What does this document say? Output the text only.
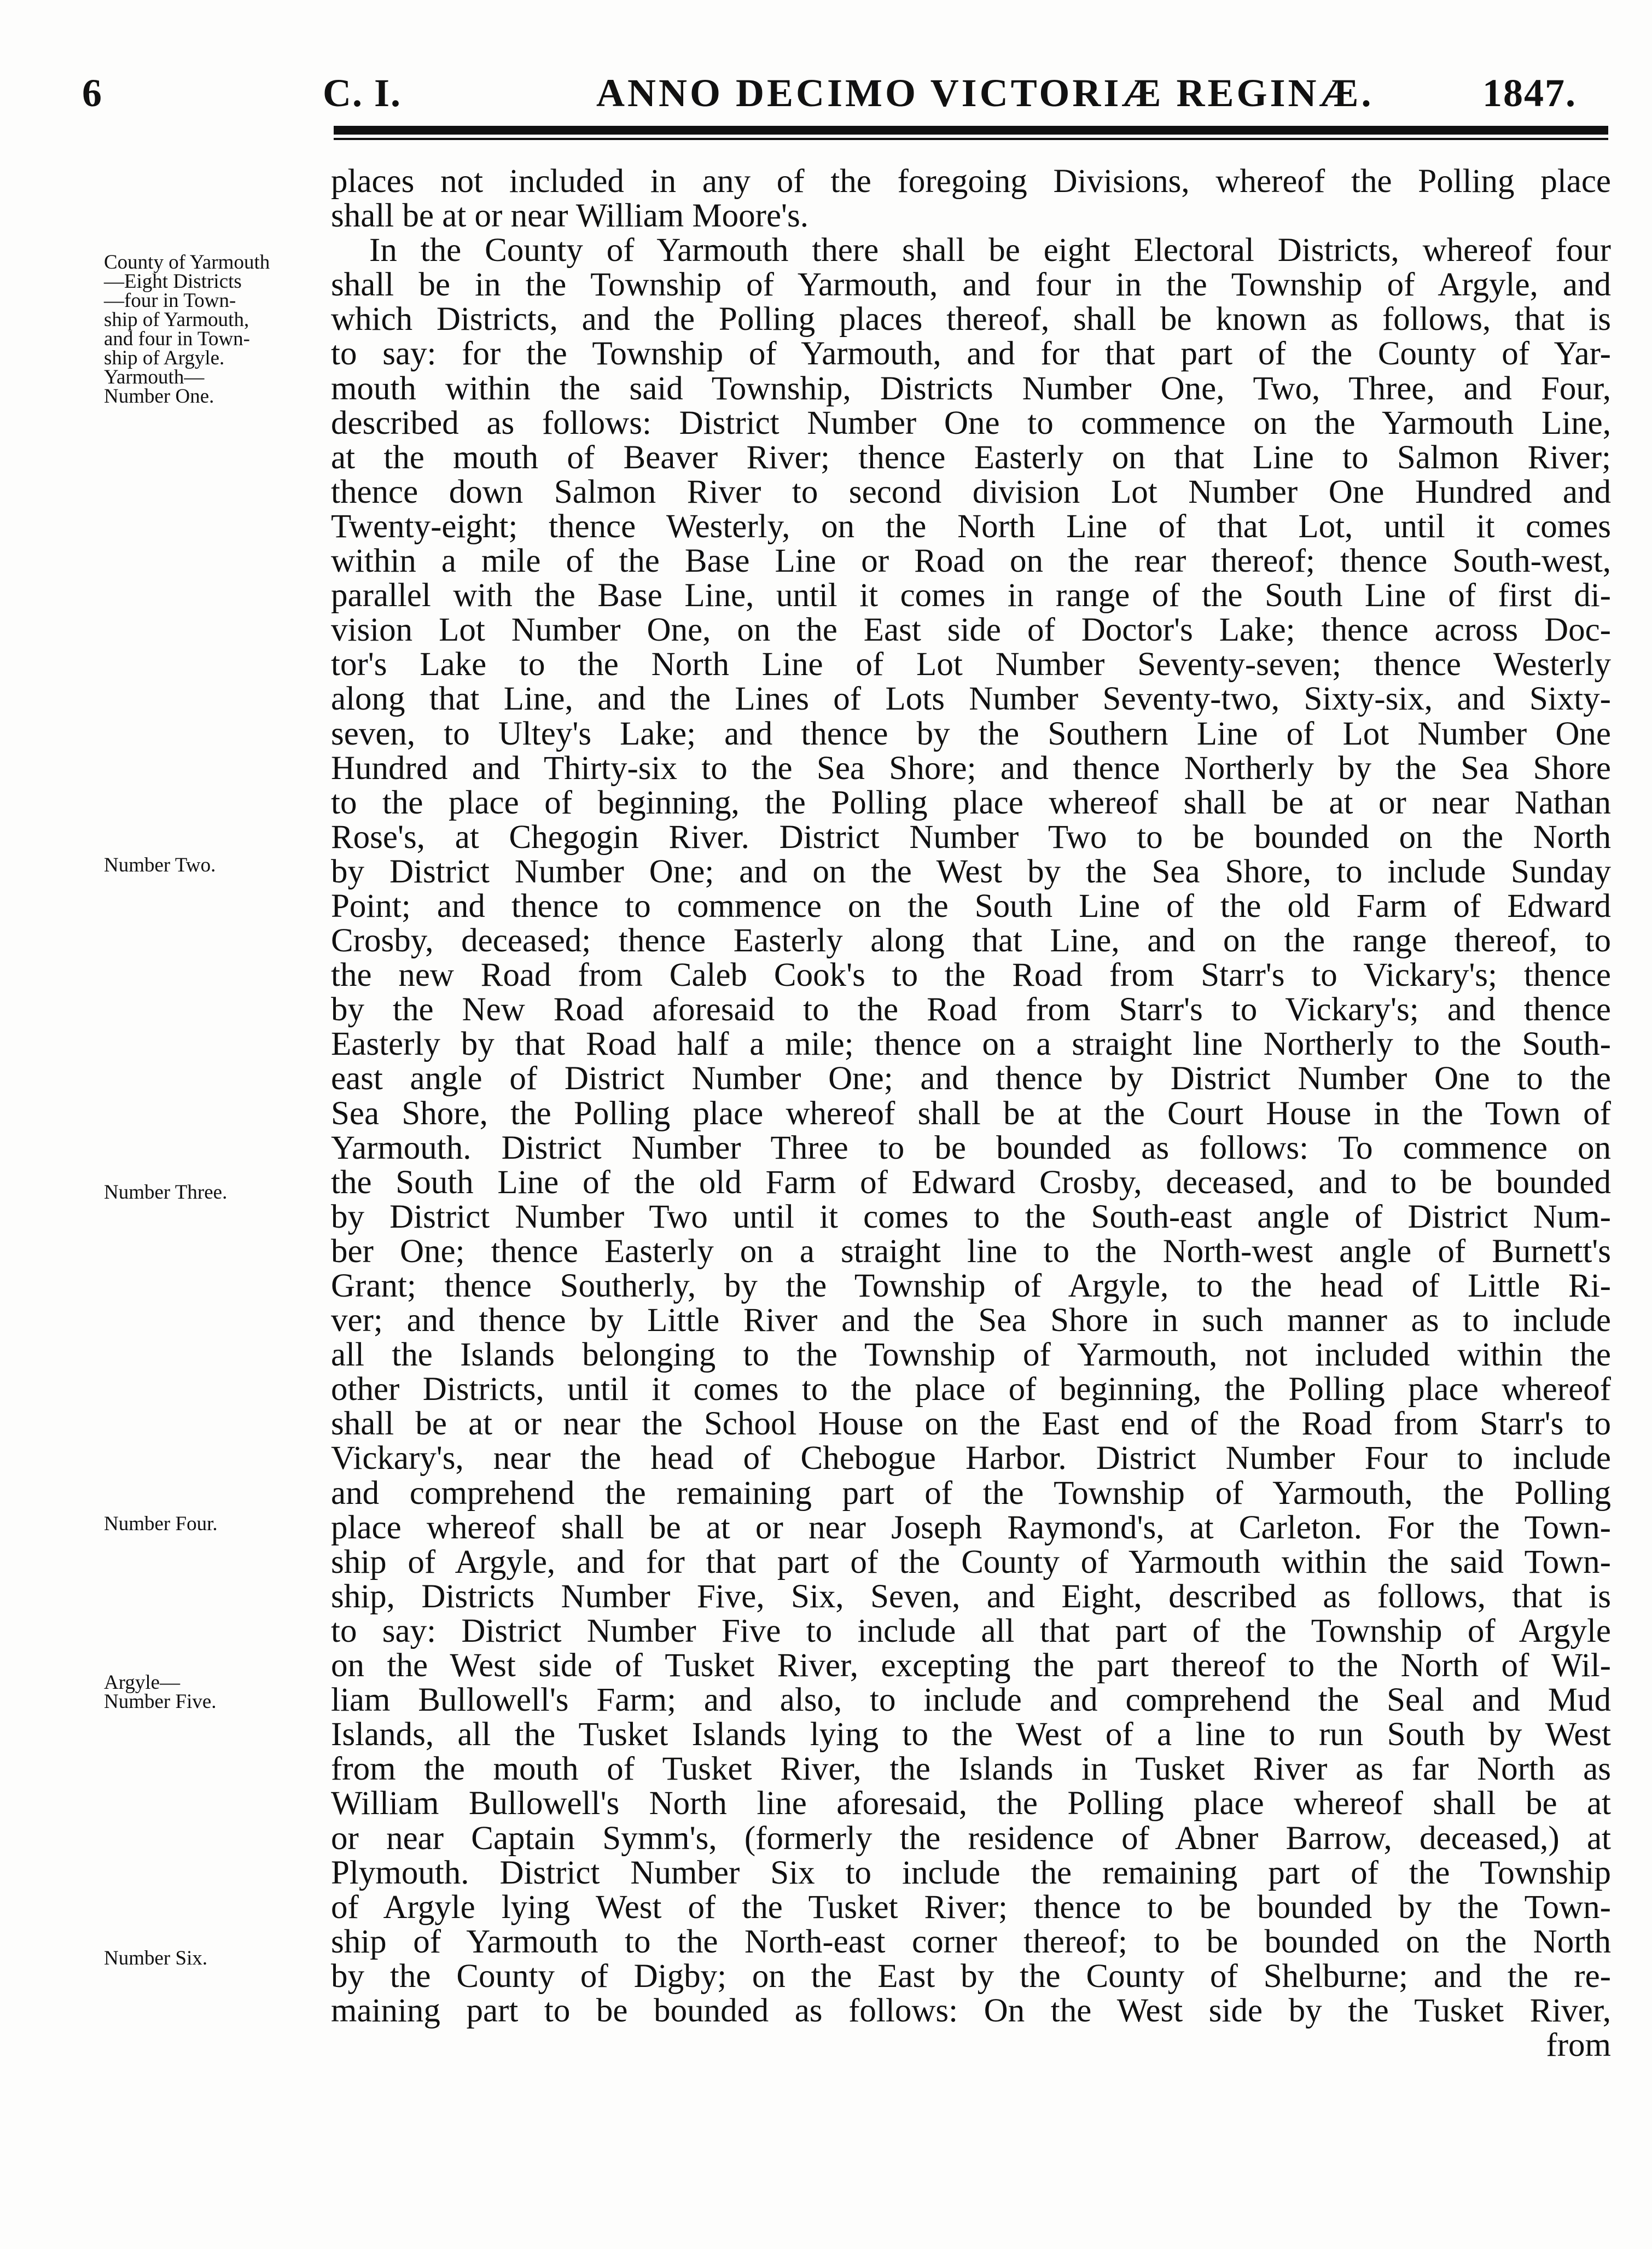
6	C. I.	ANNO DECIMO VICTORIÆ REGINÆ.	1847.
County of Yarmouth
—Eight Districts
—four in Town-
ship of Yarmouth,
and four in Town-
ship of Argyle.
Yarmouth—
Number One.
Number Two.
Number Three.
Number Four.
Argyle—
Number Five.
Number Six.
places not included in any of the foregoing Divisions, whereof the Polling place
shall be at or near William Moore's.
In the County of Yarmouth there shall be eight Electoral Districts, whereof four
shall be in the Township of Yarmouth, and four in the Township of Argyle, and
which Districts, and the Polling places thereof, shall be known as follows, that is
to say: for the Township of Yarmouth, and for that part of the County of Yar-
mouth within the said Township, Districts Number One, Two, Three, and Four,
described as follows: District Number One to commence on the Yarmouth Line,
at the mouth of Beaver River; thence Easterly on that Line to Salmon River;
thence down Salmon River to second division Lot Number One Hundred and
Twenty-eight; thence Westerly, on the North Line of that Lot, until it comes
within a mile of the Base Line or Road on the rear thereof; thence South-west,
parallel with the Base Line, until it comes in range of the South Line of first di-
vision Lot Number One, on the East side of Doctor's Lake; thence across Doc-
tor's Lake to the North Line of Lot Number Seventy-seven; thence Westerly
along that Line, and the Lines of Lots Number Seventy-two, Sixty-six, and Sixty-
seven, to Ultey's Lake; and thence by the Southern Line of Lot Number One
Hundred and Thirty-six to the Sea Shore; and thence Northerly by the Sea Shore
to the place of beginning, the Polling place whereof shall be at or near Nathan
Rose's, at Chegogin River. District Number Two to be bounded on the North
by District Number One; and on the West by the Sea Shore, to include Sunday
Point; and thence to commence on the South Line of the old Farm of Edward
Crosby, deceased; thence Easterly along that Line, and on the range thereof, to
the new Road from Caleb Cook's to the Road from Starr's to Vickary's; thence
by the New Road aforesaid to the Road from Starr's to Vickary's; and thence
Easterly by that Road half a mile; thence on a straight line Northerly to the South-
east angle of District Number One; and thence by District Number One to the
Sea Shore, the Polling place whereof shall be at the Court House in the Town of
Yarmouth. District Number Three to be bounded as follows: To commence on
the South Line of the old Farm of Edward Crosby, deceased, and to be bounded
by District Number Two until it comes to the South-east angle of District Num-
ber One; thence Easterly on a straight line to the North-west angle of Burnett's
Grant; thence Southerly, by the Township of Argyle, to the head of Little Ri-
ver; and thence by Little River and the Sea Shore in such manner as to include
all the Islands belonging to the Township of Yarmouth, not included within the
other Districts, until it comes to the place of beginning, the Polling place whereof
shall be at or near the School House on the East end of the Road from Starr's to
Vickary's, near the head of Chebogue Harbor. District Number Four to include
and comprehend the remaining part of the Township of Yarmouth, the Polling
place whereof shall be at or near Joseph Raymond's, at Carleton. For the Town-
ship of Argyle, and for that part of the County of Yarmouth within the said Town-
ship, Districts Number Five, Six, Seven, and Eight, described as follows, that is
to say: District Number Five to include all that part of the Township of Argyle
on the West side of Tusket River, excepting the part thereof to the North of Wil-
liam Bullowell's Farm; and also, to include and comprehend the Seal and Mud
Islands, all the Tusket Islands lying to the West of a line to run South by West
from the mouth of Tusket River, the Islands in Tusket River as far North as
William Bullowell's North line aforesaid, the Polling place whereof shall be at
or near Captain Symm's, (formerly the residence of Abner Barrow, deceased,) at
Plymouth. District Number Six to include the remaining part of the Township
of Argyle lying West of the Tusket River; thence to be bounded by the Town-
ship of Yarmouth to the North-east corner thereof; to be bounded on the North
by the County of Digby; on the East by the County of Shelburne; and the re-
maining part to be bounded as follows: On the West side by the Tusket River,
from
